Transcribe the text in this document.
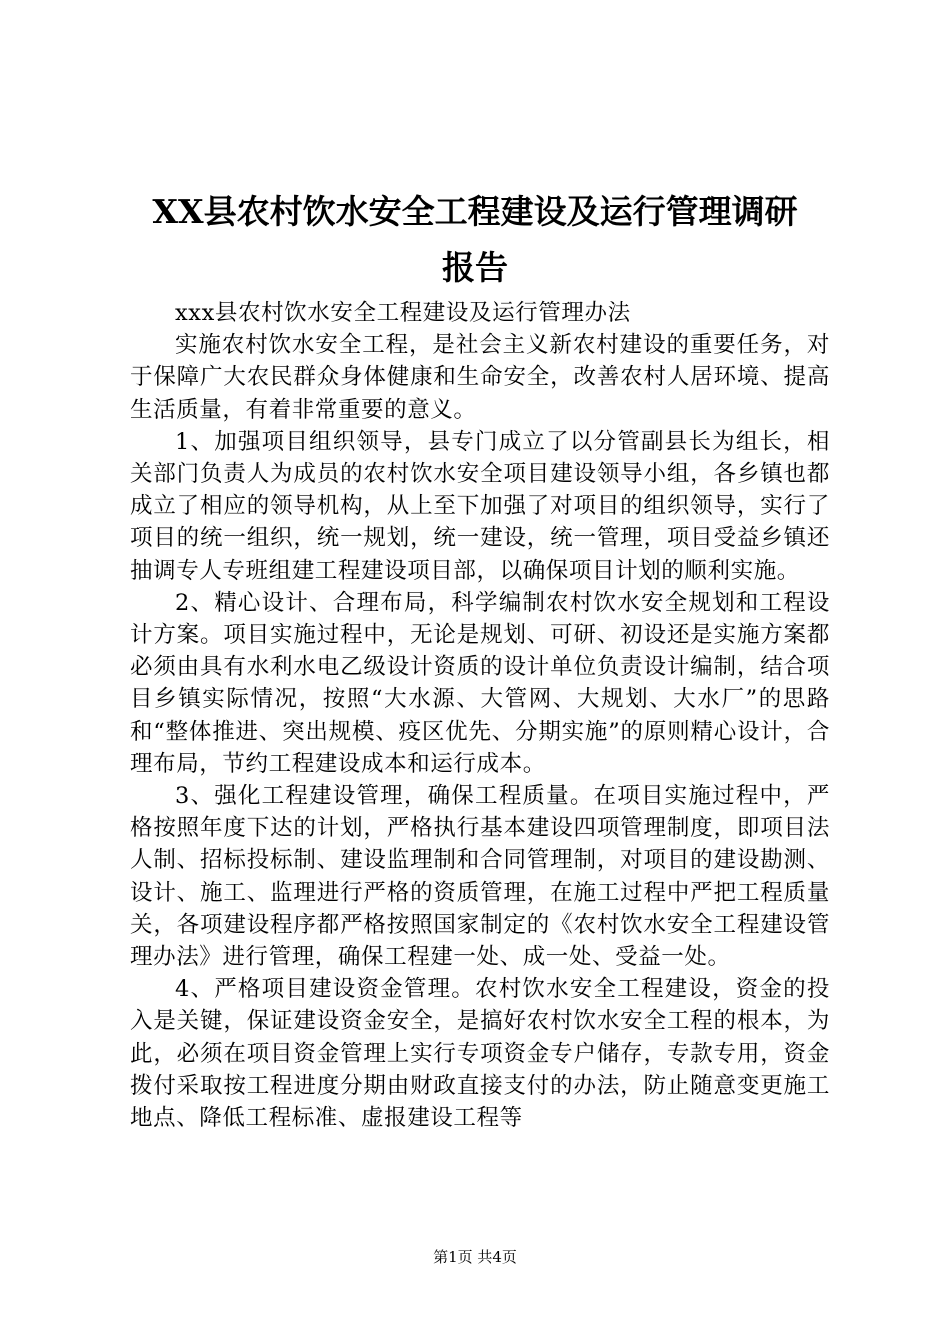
XX县农村饮水安全工程建设及运行管理调研
报告

xxx县农村饮水安全工程建设及运行管理办法

实施农村饮水安全工程，是社会主义新农村建设的重要任务，对于保障广大农民群众身体健康和生命安全，改善农村人居环境、提高生活质量，有着非常重要的意义。

1、加强项目组织领导，县专门成立了以分管副县长为组长，相关部门负责人为成员的农村饮水安全项目建设领导小组，各乡镇也都成立了相应的领导机构，从上至下加强了对项目的组织领导，实行了项目的统一组织，统一规划，统一建设，统一管理，项目受益乡镇还抽调专人专班组建工程建设项目部，以确保项目计划的顺利实施。

2、精心设计、合理布局，科学编制农村饮水安全规划和工程设计方案。项目实施过程中，无论是规划、可研、初设还是实施方案都必须由具有水利水电乙级设计资质的设计单位负责设计编制，结合项目乡镇实际情况，按照“大水源、大管网、大规划、大水厂”的思路和“整体推进、突出规模、疫区优先、分期实施”的原则精心设计，合理布局，节约工程建设成本和运行成本。

3、强化工程建设管理，确保工程质量。在项目实施过程中，严格按照年度下达的计划，严格执行基本建设四项管理制度，即项目法人制、招标投标制、建设监理制和合同管理制，对项目的建设勘测、设计、施工、监理进行严格的资质管理，在施工过程中严把工程质量关，各项建设程序都严格按照国家制定的《农村饮水安全工程建设管理办法》进行管理，确保工程建一处、成一处、受益一处。

4、严格项目建设资金管理。农村饮水安全工程建设，资金的投入是关键，保证建设资金安全，是搞好农村饮水安全工程的根本，为此，必须在项目资金管理上实行专项资金专户储存，专款专用，资金拨付采取按工程进度分期由财政直接支付的办法，防止随意变更施工地点、降低工程标准、虚报建设工程等

第1页 共4页
